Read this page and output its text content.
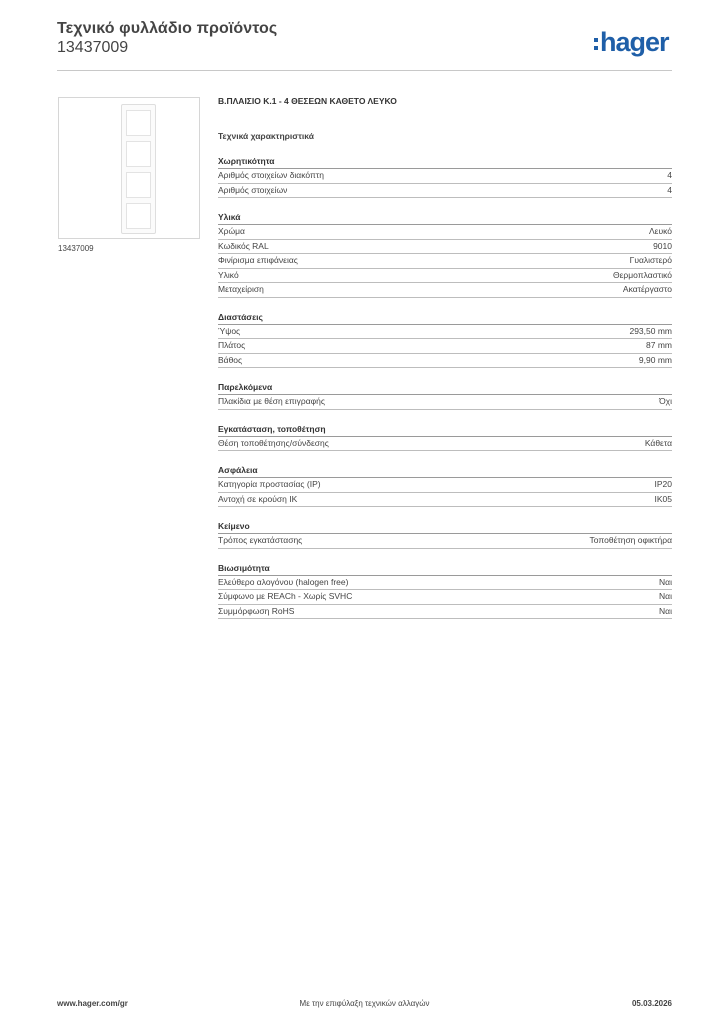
Τεχνικό φυλλάδιο προϊόντος
13437009	hager
13437009
Β.ΠΛΑΙΣΙΟ Κ.1 - 4 ΘΕΣΕΩΝ ΚΑΘΕΤΟ ΛΕΥΚΟ
Τεχνικά χαρακτηριστικά
Χωρητικότητα
Αριθμός στοιχείων διακόπτη	4
Αριθμός στοιχείων	4
Υλικά
Χρώμα	Λευκό
Κωδικός RAL	9010
Φινίρισμα επιφάνειας	Γυαλιστερό
Υλικό	Θερμοπλαστικό
Μεταχείριση	Ακατέργαστο
Διαστάσεις
Ύψος	293,50 mm
Πλάτος	87 mm
Βάθος	9,90 mm
Παρελκόμενα
Πλακίδια με θέση επιγραφής	Όχι
Εγκατάσταση, τοποθέτηση
Θέση τοποθέτησης/σύνδεσης	Κάθετα
Ασφάλεια
Κατηγορία προστασίας (IP)	IP20
Αντοχή σε κρούση IK	IK05
Κείμενο
Τρόπος εγκατάστασης	Τοποθέτηση οφικτήρα
Βιωσιμότητα
Ελεύθερο αλογόνου (halogen free)	Ναι
Σύμφωνο με REACh - Χωρίς SVHC	Ναι
Συμμόρφωση RoHS	Ναι
www.hager.com/gr	Με την επιφύλαξη τεχνικών αλλαγών	05.03.2026
